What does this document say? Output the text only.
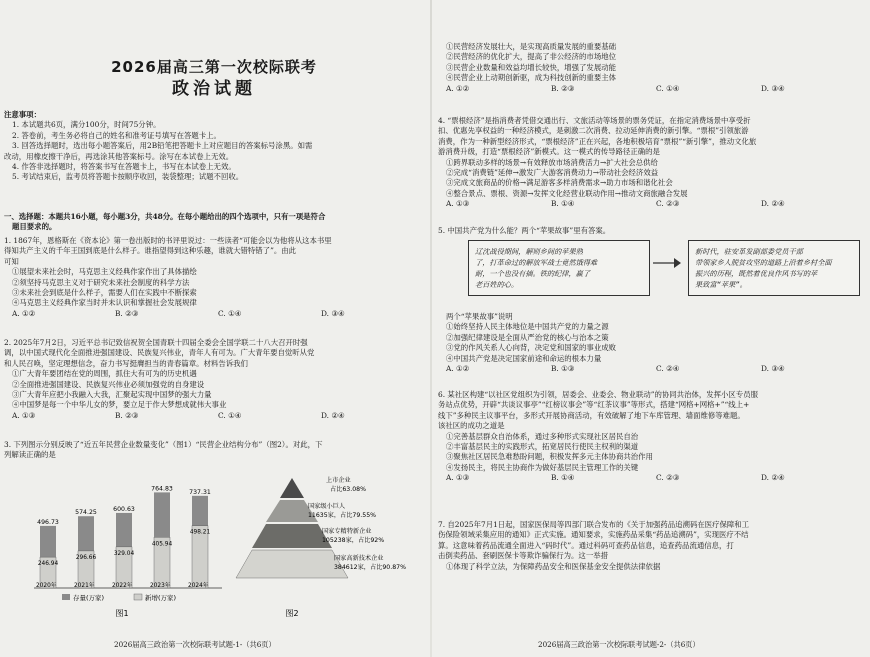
2026届高三第一次校际联考
政治试题
注意事项：
1. 本试题共6页，满分100分，时间75分钟。
2. 答卷前，考生务必将自己的姓名和准考证号填写在答题卡上。
3. 回答选择题时，选出每小题答案后，用2B铅笔把答题卡上对应题目的答案标号涂黑。如需
改动，用橡皮擦干净后，再选涂其他答案标号。涂写在本试卷上无效。
4. 作答非选择题时，将答案书写在答题卡上，书写在本试卷上无效。
5. 考试结束后，监考员将答题卡按顺序收回，装袋整理；试题不回收。
一、选择题：本题共16小题，每小题3分，共48分。在每小题给出的四个选项中，只有一项是符合
题目要求的。
1. 1867年，恩格斯在《资本论》第一卷出版时的书评里说过：一些读者“可能会以为他将从这本书里
得知共产主义的千年王国到底是什么样子。谁指望得到这种乐趣，谁就大错特错了”。由此
可知
①展望未来社会时，马克思主义经典作家作出了具体描绘
②须坚持马克思主义对于研究未来社会制度的科学方法
③未来社会到底是什么样子，需要人们在实践中不断探索
④马克思主义经典作家当时并未认识和掌握社会发展规律
A. ①②	B. ②③	C. ①④	D. ③④
2. 2025年7月2日，习近平总书记致信祝贺全国青联十四届全委会全国学联二十八大召开时强
调，以中国式现代化全面推进强国建设、民族复兴伟业，青年人有可为。广大青年要自觉听从党
和人民召唤，坚定理想信念，奋力书写挺膺担当的青春篇章。材料告诉我们
①广大青年要团结在党的周围，抓住大有可为的历史机遇
②全面推进强国建设、民族复兴伟业必须加强党的自身建设
③广大青年应把小我融入大我，汇聚起实现中国梦的强大力量
④中国梦是每一个中华儿女的梦，要立足于作大梦想成就伟大事业
A. ①③	B. ②③	C. ①④	D. ②④
3. 下列图示分别反映了“近五年民营企业数量变化”（图1）“民营企业结构分布”（图2）。对此，下
列解读正确的是
496.73
246.94
2020年
574.25
296.66
2021年
600.63
329.04
2022年
764.83
405.94
2023年
737.31
498.21
2024年
存量(万家)	新增(万家)
图1
上市企业
占比63.08%
国家级小巨人
11635家，占比79.55%
国家专精特新企业
105238家，占比92%
国家高新技术企业
384612家，占比90.87%
图2
2026届高三政治第一次校际联考试题-1-（共6页）
①民营经济发展壮大，是实现高质量发展的重要基础
②民营经济的优化扩大，提高了非公经济的市场地位
③民营企业数量和效益均增长较快，增强了发展动能
④民营企业上动期创新驱，成为科技创新的重要主体
A. ①②	B. ②③	C. ①④	D. ③④
4. “票根经济”是指消费者凭借交通出行、文旅活动等场景的票务凭证，在指定消费场景中享受折
扣、优惠先享权益的一种经济模式，是刺激二次消费、拉动延伸消费的新引擎。“票根”引领旅游
消费，作为一种新型经济形式，“票根经济”正在兴起，各地积极培育“票根”“新引擎”，推动文化旅
游消费升级，打造“票根经济”新模式。这一模式的传导路径正确的是
①跨界联动多样的场景→有效释放市场消费活力→扩大社会总供给
②完成“消费链”延伸→激发广大游客消费动力→带动社会经济效益
③完成文旅商品的价格→满足游客多样消费需求→助力市场和谐化社会
④整合景点、票根、资源→发挥文化经营业联动作用→推动文商旅融合发展
A. ①③	B. ①④	C. ②③	D. ②④
5. 中国共产党为什么能？两个“苹果故事”里有答案。
辽沈战役期间，解则乡间的苹果熟
了，打革命过的解放军战士竟然饿得难
耐，一个也没有摘。铁的纪律，赢了
老百姓的心。
新时代，驻安革发副部委党员干部
带领家乡人脱贫攻坚的道路上沿着乡村全面
振兴的历程，既然着优良作风书写的苹
果致富“苹果”。
两个“苹果故事”说明
①始终坚持人民主体地位是中国共产党的力量之源
②加强纪律建设是全面从严治党的核心与治本之策
③党的作风关系人心向背，决定党和国家的事业成败
④中国共产党是决定国家前途和命运的根本力量
A. ①②	B. ①③	C. ②④	D. ③④
6. 某社区构建“以社区党组织为引领，居委会、业委会、物业联动”的协同共治体，发挥小区专员服
务站点优势，开辟“共谈议事亭”“红榜议事会”等“红茶议事”等形式，搭建“网格+网格+”“线上+
线下”多种民主议事平台，多形式开展协商活动，有效破解了地下车库管理、墙面维修等难题。
该社区的成功之道是
①完善基层群众自治体系，通过多种形式实现社区居民自治
②丰富基层民主的实践形式，拓宽居民行使民主权利的渠道
③聚焦社区居民急难愁盼问题，积极发挥多元主体协商共治作用
④发扬民主，将民主协商作为做好基层民主管理工作的关键
A. ①③	B. ①④	C. ②③	D. ②④
7. 自2025年7月1日起，国家医保局等四部门联合发布的《关于加强药品追溯码在医疗保障和工
伤保险领域采集应用的通知》正式实施。通知要求，实施药品采集“药品追溯码”，实现医疗不结
算。这意味着药品流通全面进入“码时代”。通过科码可查药品信息，追查药品流通信息，打
击倒卖药品、套刷医保卡等欺诈骗保行为。这一举措
①体现了科学立法，为保障药品安全和医保基金安全提供法律依据
2026届高三政治第一次校际联考试题-2-（共6页）
